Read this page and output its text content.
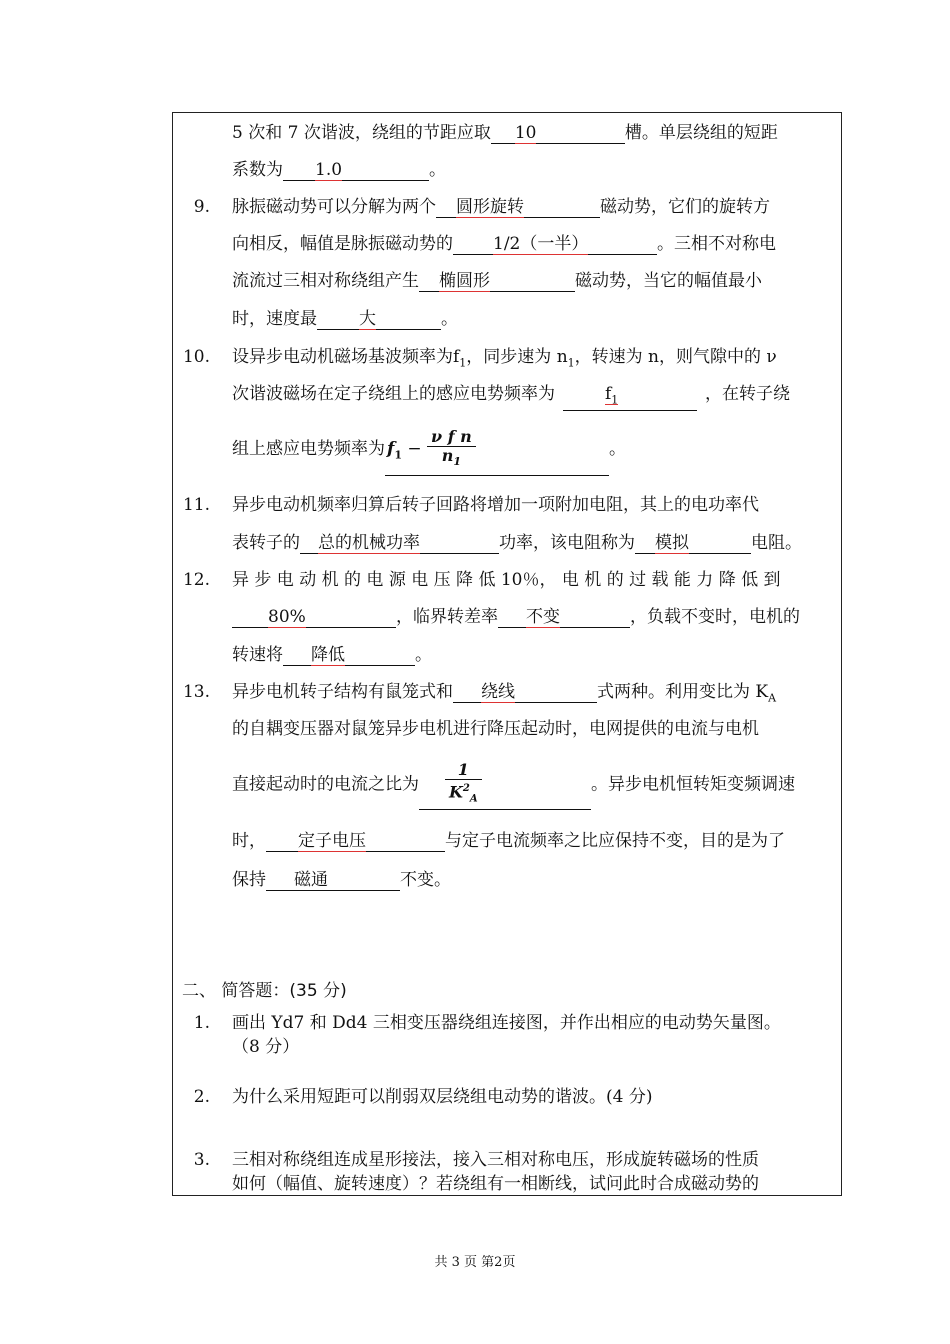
5 次和 7 次谐波，绕组的节距应取 10	槽。单层绕组的短距
系数为 1.0	。
9. 脉振磁动势可以分解为两个 圆形旋转	磁动势，它们的旋转方
向相反，幅值是脉振磁动势的 1/2（一半）	。三相不对称电
流流过三相对称绕组产生 椭圆形	磁动势，当它的幅值最小
时，速度最 大	。
10. 设异步电动机磁场基波频率为$f_1$，同步速为 $n_1$，转速为 n，则气隙中的 ν
次谐波磁场在定子绕组上的感应电势频率为	$f_1$	，在转子绕
组上感应电势频率为 $f_1 - \frac{\text{ν f n}}{n_1}$	。
11. 异步电动机频率归算后转子回路将增加一项附加电阻，其上的电功率代
表转子的 总的机械功率	功率，该电阻称为 模拟	电阻。
12. 异 步 电 动 机 的 电 源 电 压 降 低 10％， 电 机 的 过 载 能 力 降 低 到
80%	，临界转差率 不变	，负载不变时，电机的
转速将 降低	。
13. 异步电机转子结构有鼠笼式和 绕线	式两种。利用变比为 $K_A$
的自耦变压器对鼠笼异步电机进行降压起动时，电网提供的电流与电机
直接起动时的电流之比为 $\frac{1}{K^2_A}$	。异步电机恒转矩变频调速
时， 定子电压	与定子电流频率之比应保持不变，目的是为了
保持 磁通	不变。
二、 简答题：(35 分)
1. 画出 Yd7 和 Dd4 三相变压器绕组连接图，并作出相应的电动势矢量图。
（8 分）
2. 为什么采用短距可以削弱双层绕组电动势的谐波。(4 分)
3. 三相对称绕组连成星形接法，接入三相对称电压，形成旋转磁场的性质
如何（幅值、旋转速度）？若绕组有一相断线，试问此时合成磁动势的
共 3 页 第2页
